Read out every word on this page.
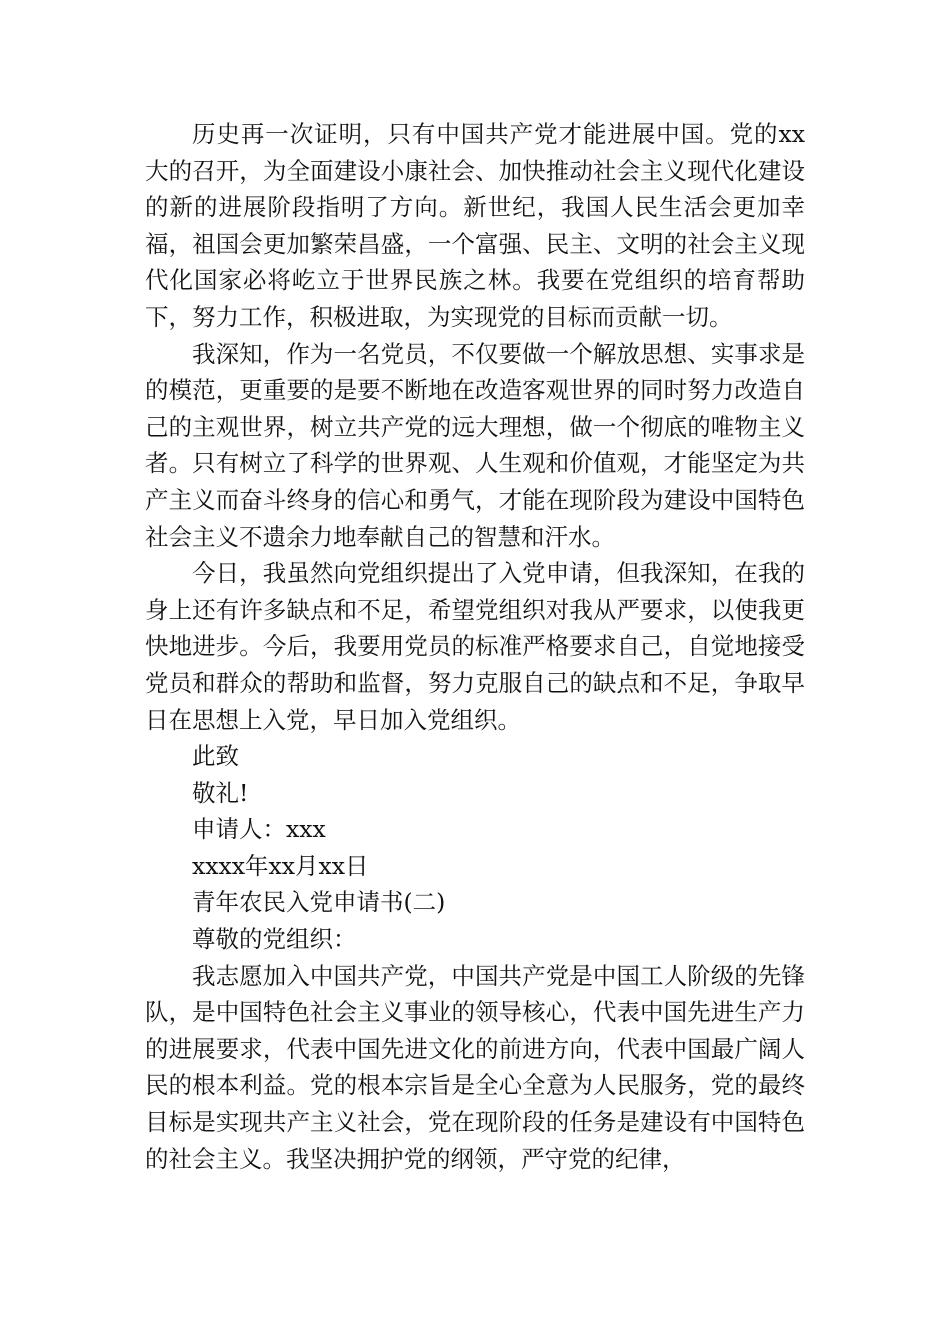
历史再一次证明，只有中国共产党才能进展中国。党的xx大的召开，为全面建设小康社会、加快推动社会主义现代化建设的新的进展阶段指明了方向。新世纪，我国人民生活会更加幸福，祖国会更加繁荣昌盛，一个富强、民主、文明的社会主义现代化国家必将屹立于世界民族之林。我要在党组织的培育帮助下，努力工作，积极进取，为实现党的目标而贡献一切。

我深知，作为一名党员，不仅要做一个解放思想、实事求是的模范，更重要的是要不断地在改造客观世界的同时努力改造自己的主观世界，树立共产党的远大理想，做一个彻底的唯物主义者。只有树立了科学的世界观、人生观和价值观，才能坚定为共产主义而奋斗终身的信心和勇气，才能在现阶段为建设中国特色社会主义不遗余力地奉献自己的智慧和汗水。

今日，我虽然向党组织提出了入党申请，但我深知，在我的身上还有许多缺点和不足，希望党组织对我从严要求，以使我更快地进步。今后，我要用党员的标准严格要求自己，自觉地接受党员和群众的帮助和监督，努力克服自己的缺点和不足，争取早日在思想上入党，早日加入党组织。

此致

敬礼!

申请人：xxx

xxxx年xx月xx日

青年农民入党申请书(二)

尊敬的党组织：

我志愿加入中国共产党，中国共产党是中国工人阶级的先锋队，是中国特色社会主义事业的领导核心，代表中国先进生产力的进展要求，代表中国先进文化的前进方向，代表中国最广阔人民的根本利益。党的根本宗旨是全心全意为人民服务，党的最终目标是实现共产主义社会，党在现阶段的任务是建设有中国特色的社会主义。我坚决拥护党的纲领，严守党的纪律，
